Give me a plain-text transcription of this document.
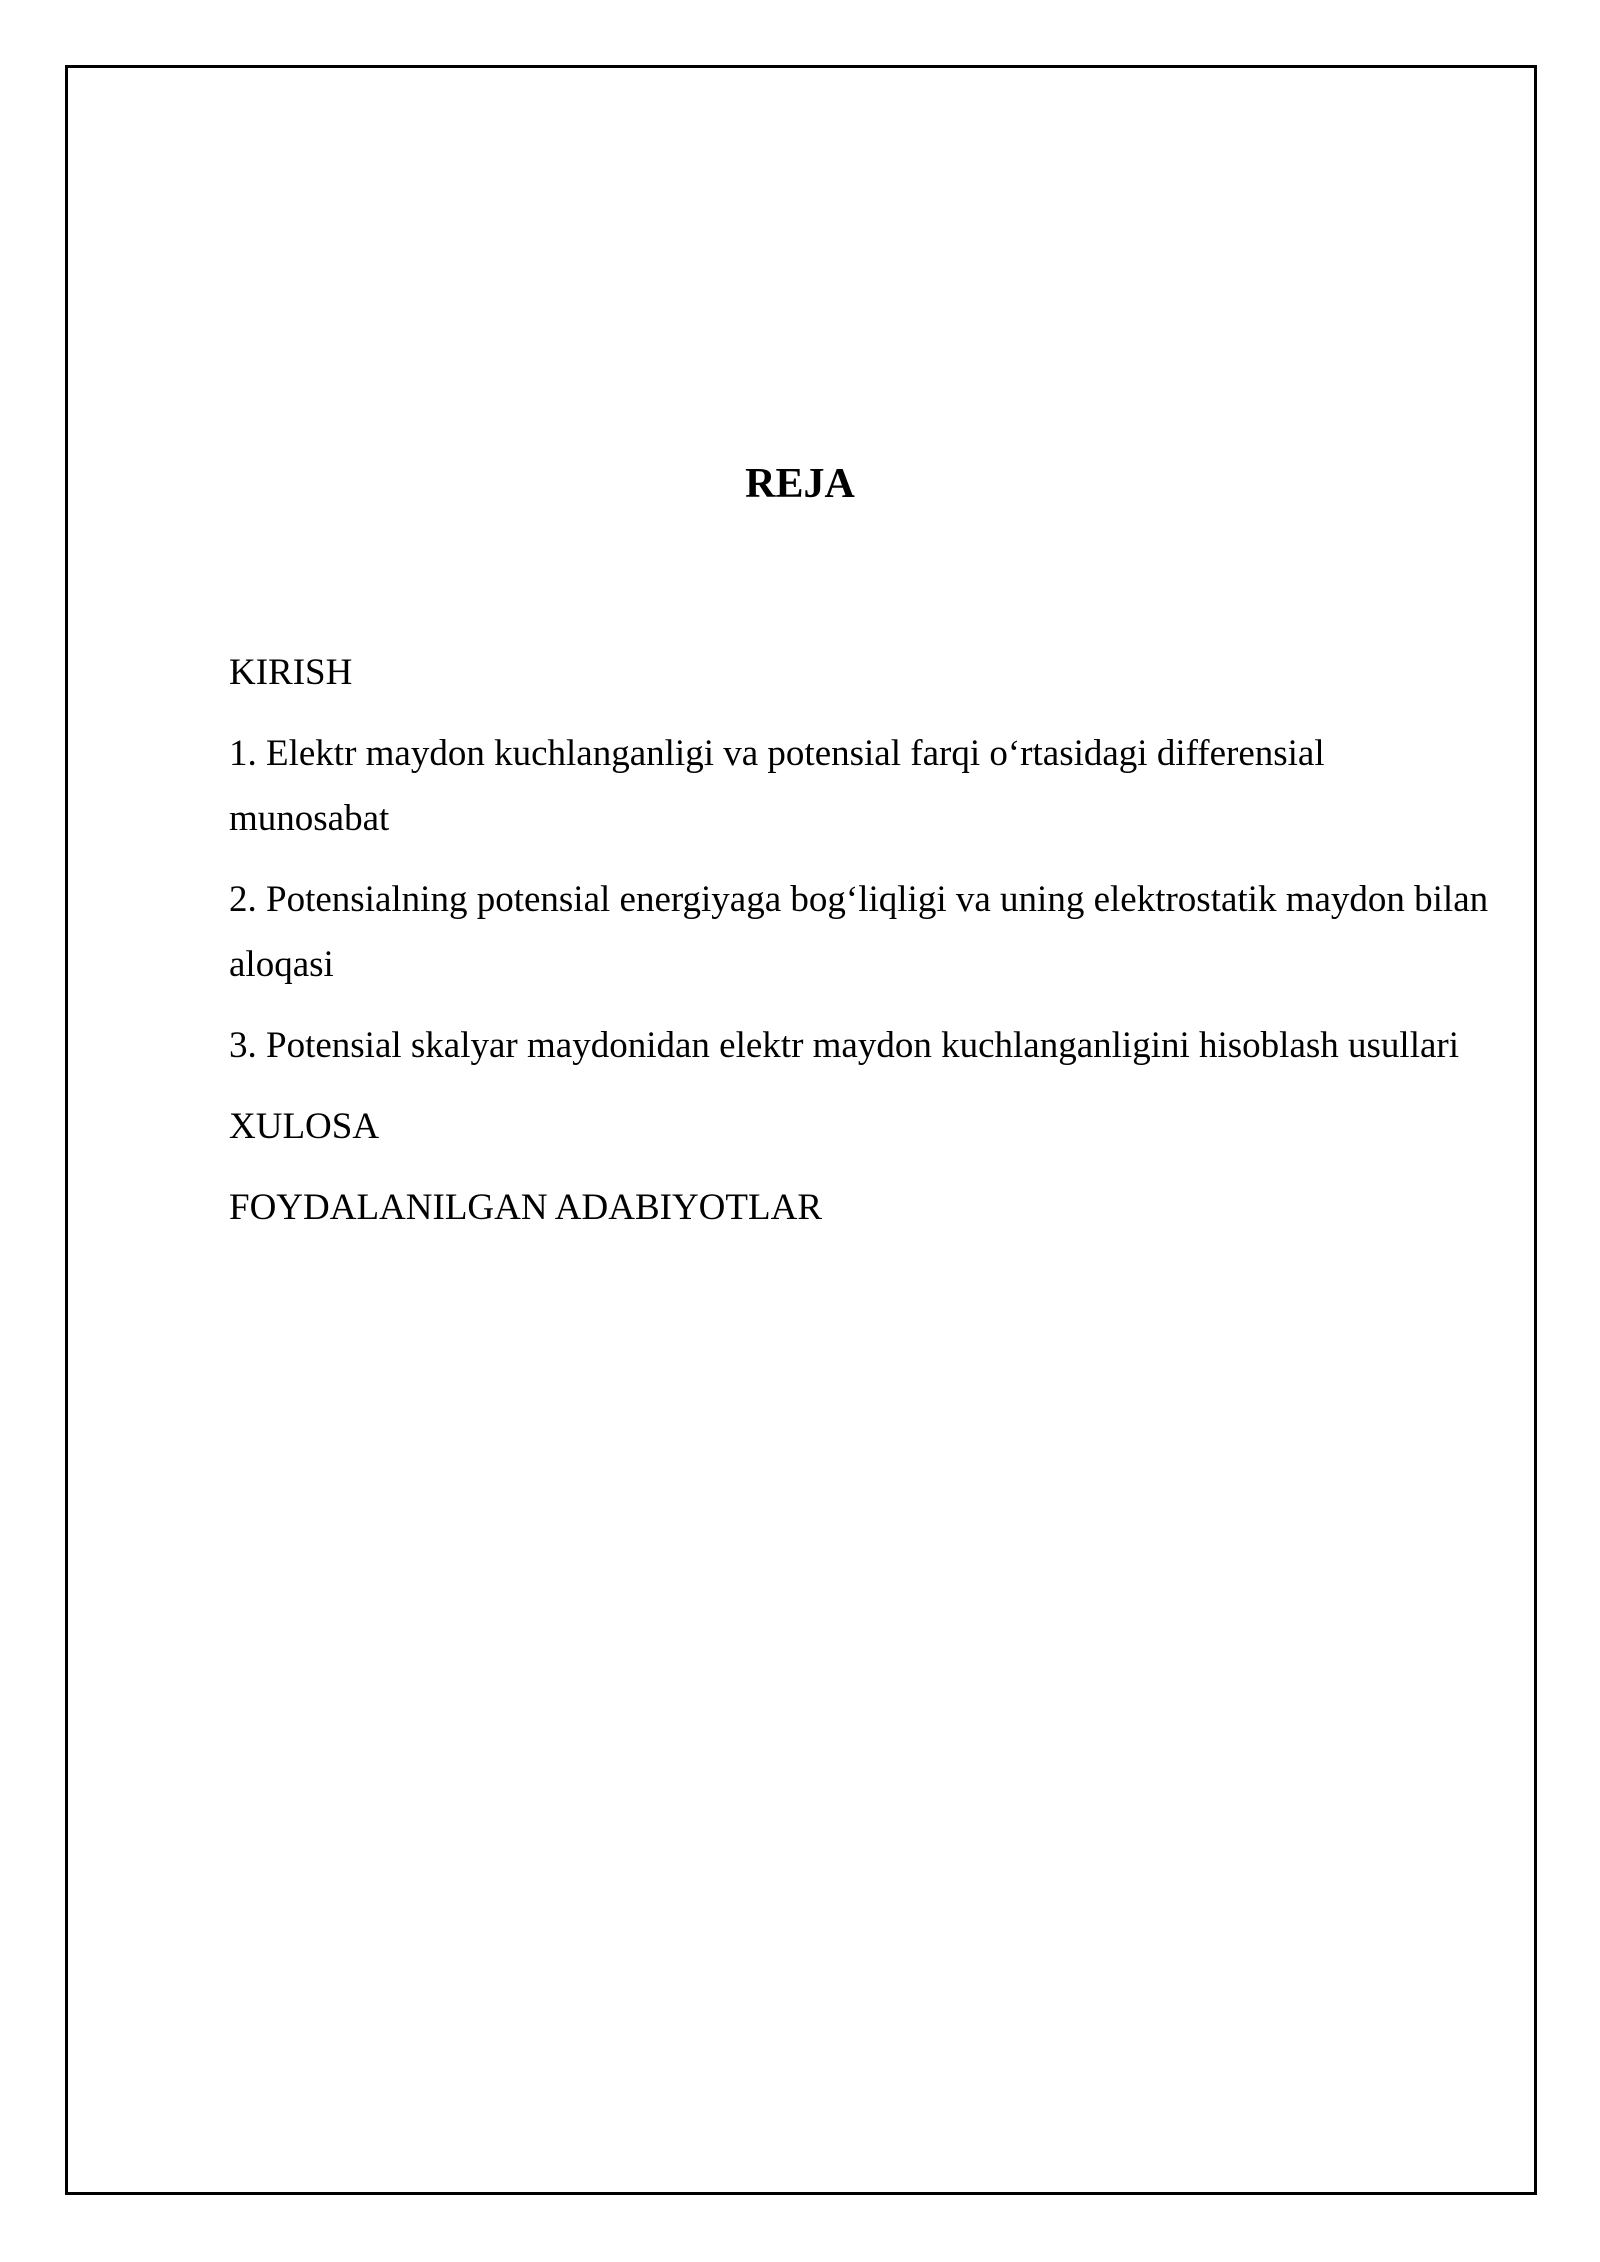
REJA
KIRISH
1. Elektr maydon kuchlanganligi va potensial farqi o‘rtasidagi differensial munosabat
2. Potensialning potensial energiyaga bog‘liqligi va uning elektrostatik maydon bilan aloqasi
3. Potensial skalyar maydonidan elektr maydon kuchlanganligini hisoblash usullari
XULOSA
FOYDALANILGAN ADABIYOTLAR
